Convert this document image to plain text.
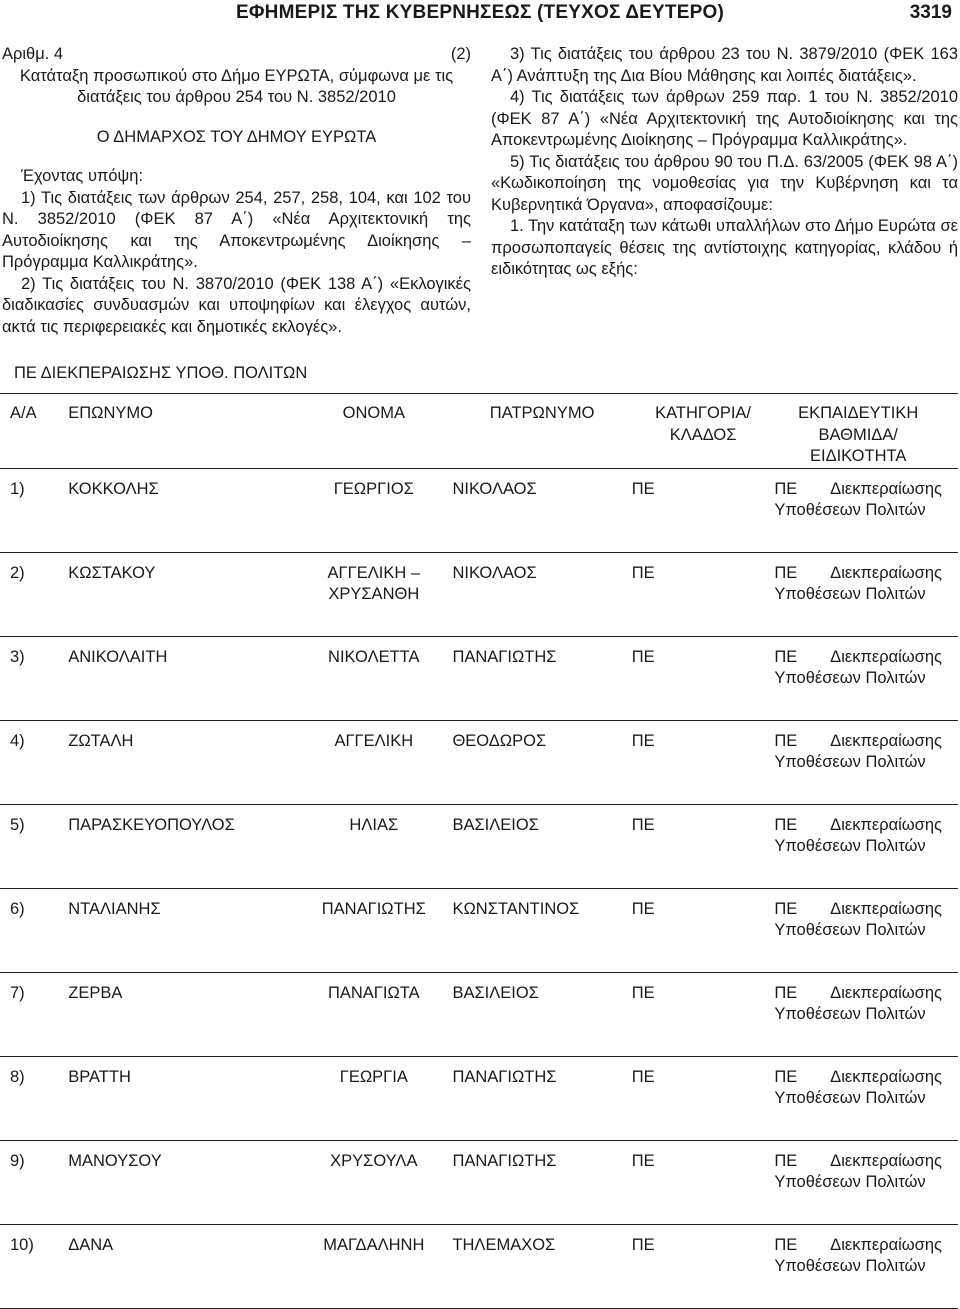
ΕΦΗΜΕΡΙΣ ΤΗΣ ΚΥΒΕΡΝΗΣΕΩΣ (ΤΕΥΧΟΣ ΔΕΥΤΕΡΟ)	3319
Αριθμ. 4	(2)

Κατάταξη προσωπικού στο Δήμο ΕΥΡΩΤΑ, σύμφωνα με τις διατάξεις του άρθρου 254 του Ν. 3852/2010

Ο ΔΗΜΑΡΧΟΣ ΤΟΥ ΔΗΜΟΥ ΕΥΡΩΤΑ

Έχοντας υπόψη:

1) Τις διατάξεις των άρθρων 254, 257, 258, 104, και 102 του Ν. 3852/2010 (ΦΕΚ 87 Α΄) «Νέα Αρχιτεκτονική της Αυτοδιοίκησης και της Αποκεντρωμένης Διοίκησης – Πρόγραμμα Καλλικράτης».

2) Τις διατάξεις του Ν. 3870/2010 (ΦΕΚ 138 Α΄) «Εκλογικές διαδικασίες συνδυασμών και υποψηφίων και έλεγχος αυτών, ακτά τις περιφερειακές και δημοτικές εκλογές».

3) Τις διατάξεις του άρθρου 23 του Ν. 3879/2010 (ΦΕΚ 163 Α΄) Ανάπτυξη της Δια Βίου Μάθησης και λοιπές διατάξεις».

4) Τις διατάξεις των άρθρων 259 παρ. 1 του Ν. 3852/2010 (ΦΕΚ 87 Α΄) «Νέα Αρχιτεκτονική της Αυτοδιοίκησης και της Αποκεντρωμένης Διοίκησης – Πρόγραμμα Καλλικράτης».

5) Τις διατάξεις του άρθρου 90 του Π.Δ. 63/2005 (ΦΕΚ 98 Α΄) «Κωδικοποίηση της νομοθεσίας για την Κυβέρνηση και τα Κυβερνητικά Όργανα», αποφασίζουμε:

1. Την κατάταξη των κάτωθι υπαλλήλων στο Δήμο Ευρώτα σε προσωποπαγείς θέσεις της αντίστοιχης κατηγορίας, κλάδου ή ειδικότητας ως εξής:

ΠΕ ΔΙΕΚΠΕΡΑΙΩΣΗΣ ΥΠΟΘ. ΠΟΛΙΤΩΝ
Α/Α	ΕΠΩΝΥΜΟ	ΟΝΟΜΑ	ΠΑΤΡΩΝΥΜΟ	ΚΑΤΗΓΟΡΙΑ/ ΚΛΑΔΟΣ	ΕΚΠΑΙΔΕΥΤΙΚΗ ΒΑΘΜΙΔΑ/ ΕΙΔΙΚΟΤΗΤΑ
1)	ΚΟΚΚΟΛΗΣ	ΓΕΩΡΓΙΟΣ	ΝΙΚΟΛΑΟΣ	ΠΕ	ΠΕ Διεκπεραίωσης Υποθέσεων Πολιτών
2)	ΚΩΣΤΑΚΟΥ	ΑΓΓΕΛΙΚΗ – ΧΡΥΣΑΝΘΗ	ΝΙΚΟΛΑΟΣ	ΠΕ	ΠΕ Διεκπεραίωσης Υποθέσεων Πολιτών
3)	ΑΝΙΚΟΛΑΙΤΗ	ΝΙΚΟΛΕΤΤΑ	ΠΑΝΑΓΙΩΤΗΣ	ΠΕ	ΠΕ Διεκπεραίωσης Υποθέσεων Πολιτών
4)	ΖΩΤΑΛΗ	ΑΓΓΕΛΙΚΗ	ΘΕΟΔΩΡΟΣ	ΠΕ	ΠΕ Διεκπεραίωσης Υποθέσεων Πολιτών
5)	ΠΑΡΑΣΚΕΥΟΠΟΥΛΟΣ	ΗΛΙΑΣ	ΒΑΣΙΛΕΙΟΣ	ΠΕ	ΠΕ Διεκπεραίωσης Υποθέσεων Πολιτών
6)	ΝΤΑΛΙΑΝΗΣ	ΠΑΝΑΓΙΩΤΗΣ	ΚΩΝΣΤΑΝΤΙΝΟΣ	ΠΕ	ΠΕ Διεκπεραίωσης Υποθέσεων Πολιτών
7)	ΖΕΡΒΑ	ΠΑΝΑΓΙΩΤΑ	ΒΑΣΙΛΕΙΟΣ	ΠΕ	ΠΕ Διεκπεραίωσης Υποθέσεων Πολιτών
8)	ΒΡΑΤΤΗ	ΓΕΩΡΓΙΑ	ΠΑΝΑΓΙΩΤΗΣ	ΠΕ	ΠΕ Διεκπεραίωσης Υποθέσεων Πολιτών
9)	ΜΑΝΟΥΣΟΥ	ΧΡΥΣΟΥΛΑ	ΠΑΝΑΓΙΩΤΗΣ	ΠΕ	ΠΕ Διεκπεραίωσης Υποθέσεων Πολιτών
10)	ΔΑΝΑ	ΜΑΓΔΑΛΗΝΗ	ΤΗΛΕΜΑΧΟΣ	ΠΕ	ΠΕ Διεκπεραίωσης Υποθέσεων Πολιτών
